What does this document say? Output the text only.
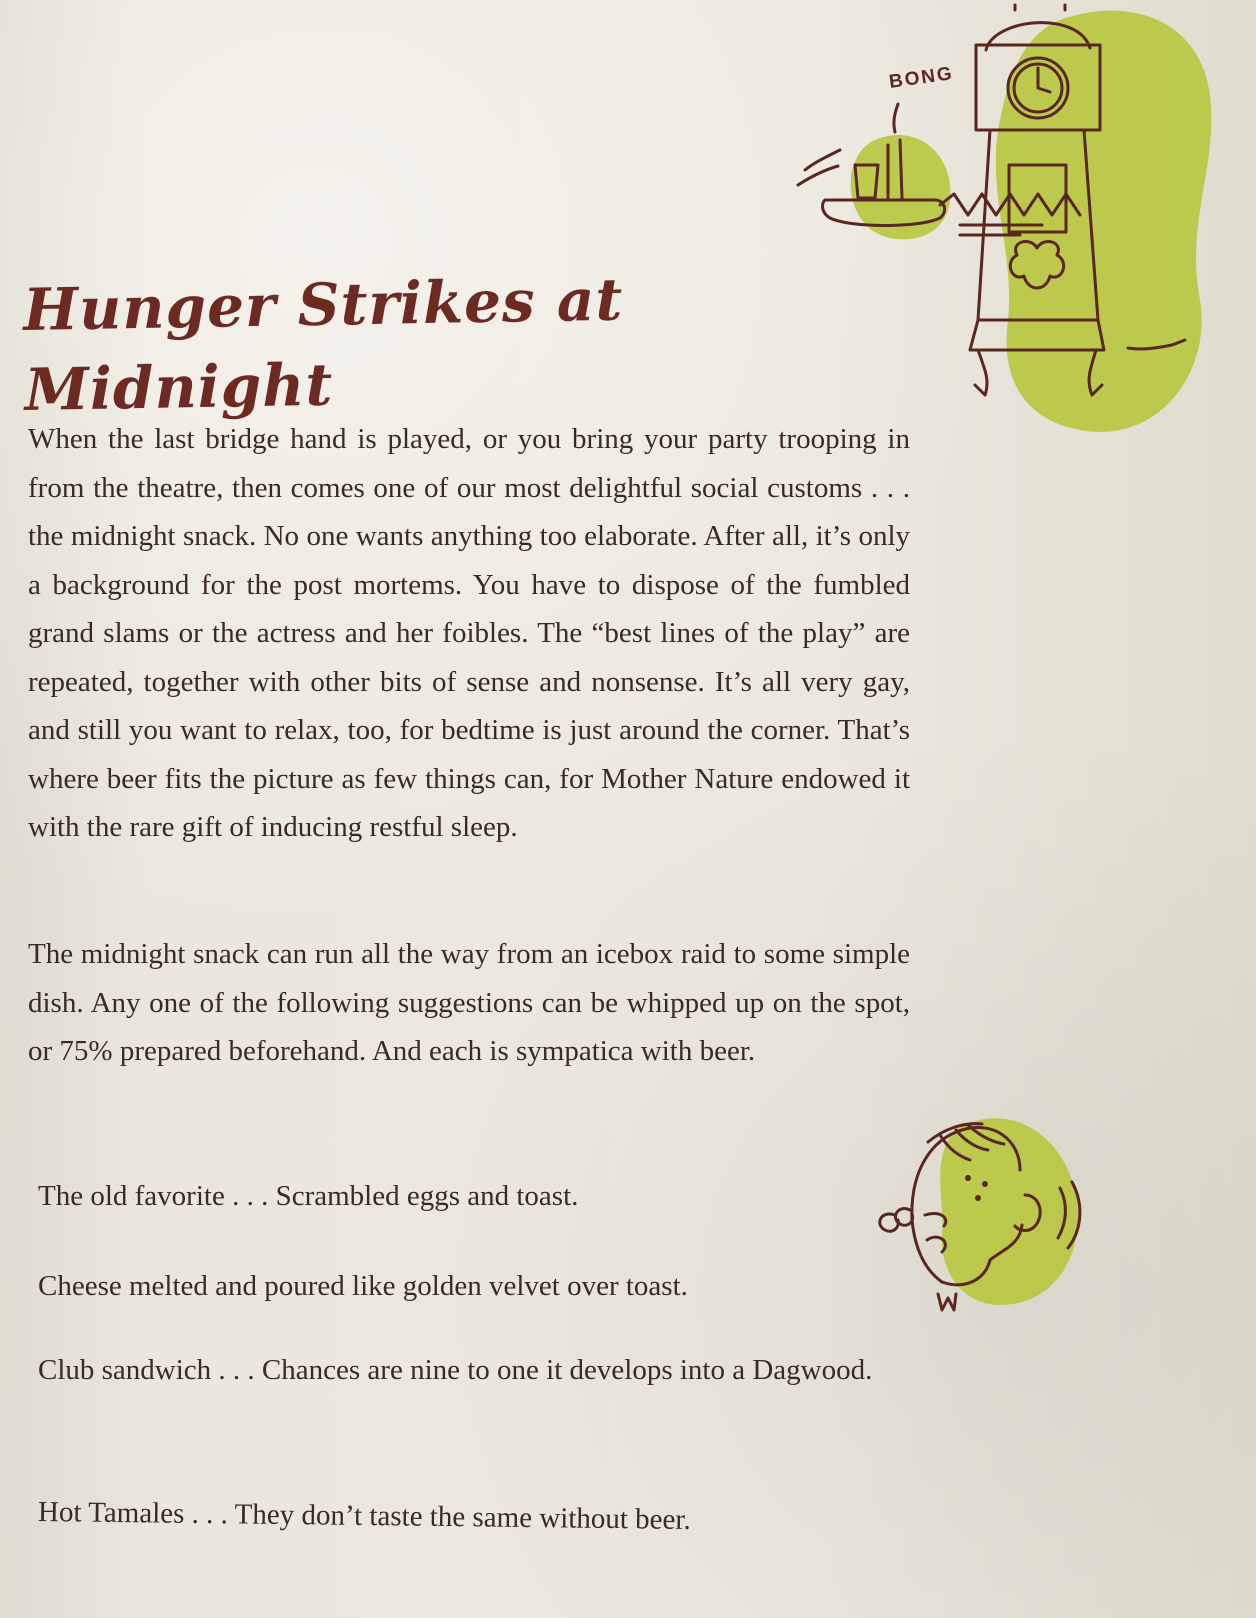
BONG
Hunger Strikes at Midnight

When the last bridge hand is played, or you bring your party trooping in from the theatre, then comes one of our most delightful social customs . . . the midnight snack. No one wants anything too elaborate. After all, it’s only a background for the post mortems. You have to dispose of the fumbled grand slams or the actress and her foibles. The “best lines of the play” are repeated, together with other bits of sense and nonsense. It’s all very gay, and still you want to relax, too, for bedtime is just around the corner. That’s where beer fits the picture as few things can, for Mother Nature endowed it with the rare gift of inducing restful sleep.

The midnight snack can run all the way from an icebox raid to some simple dish. Any one of the following suggestions can be whipped up on the spot, or 75% prepared beforehand. And each is sympatica with beer.

The old favorite . . . Scrambled eggs and toast.

Cheese melted and poured like golden velvet over toast.

Club sandwich . . . Chances are nine to one it develops into a Dagwood.

Hot Tamales . . . They don’t taste the same without beer.
